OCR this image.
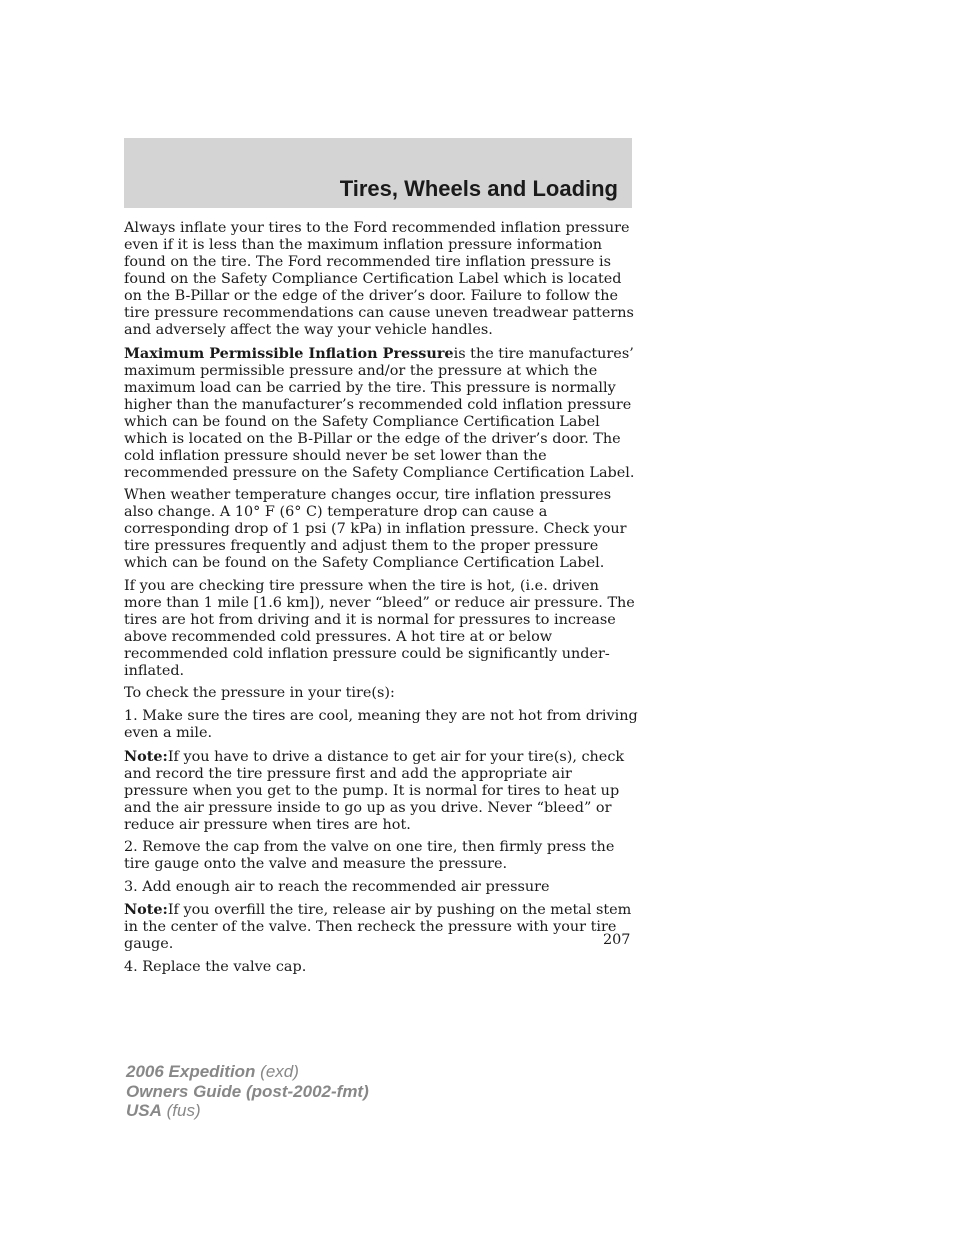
Tires, Wheels and Loading

Always inflate your tires to the Ford recommended inflation pressure even if it is less than the maximum inflation pressure information found on the tire. The Ford recommended tire inflation pressure is found on the Safety Compliance Certification Label which is located on the B-Pillar or the edge of the driver’s door. Failure to follow the tire pressure recommendations can cause uneven treadwear patterns and adversely affect the way your vehicle handles.

Maximum Permissible Inflation Pressureis the tire manufactures’ maximum permissible pressure and/or the pressure at which the maximum load can be carried by the tire. This pressure is normally higher than the manufacturer’s recommended cold inflation pressure which can be found on the Safety Compliance Certification Label which is located on the B-Pillar or the edge of the driver’s door. The cold inflation pressure should never be set lower than the recommended pressure on the Safety Compliance Certification Label.

When weather temperature changes occur, tire inflation pressures also change. A 10° F (6° C) temperature drop can cause a corresponding drop of 1 psi (7 kPa) in inflation pressure. Check your tire pressures frequently and adjust them to the proper pressure which can be found on the Safety Compliance Certification Label.

If you are checking tire pressure when the tire is hot, (i.e. driven more than 1 mile [1.6 km]), never “bleed” or reduce air pressure. The tires are hot from driving and it is normal for pressures to increase above recommended cold pressures. A hot tire at or below recommended cold inflation pressure could be significantly under-inflated.

To check the pressure in your tire(s):

1. Make sure the tires are cool, meaning they are not hot from driving even a mile.

Note:If you have to drive a distance to get air for your tire(s), check and record the tire pressure first and add the appropriate air pressure when you get to the pump. It is normal for tires to heat up and the air pressure inside to go up as you drive. Never “bleed” or reduce air pressure when tires are hot.

2. Remove the cap from the valve on one tire, then firmly press the tire gauge onto the valve and measure the pressure.

3. Add enough air to reach the recommended air pressure

Note:If you overfill the tire, release air by pushing on the metal stem in the center of the valve. Then recheck the pressure with your tire gauge.

4. Replace the valve cap.

207
2006 Expedition (exd)
Owners Guide (post-2002-fmt)
USA (fus)
